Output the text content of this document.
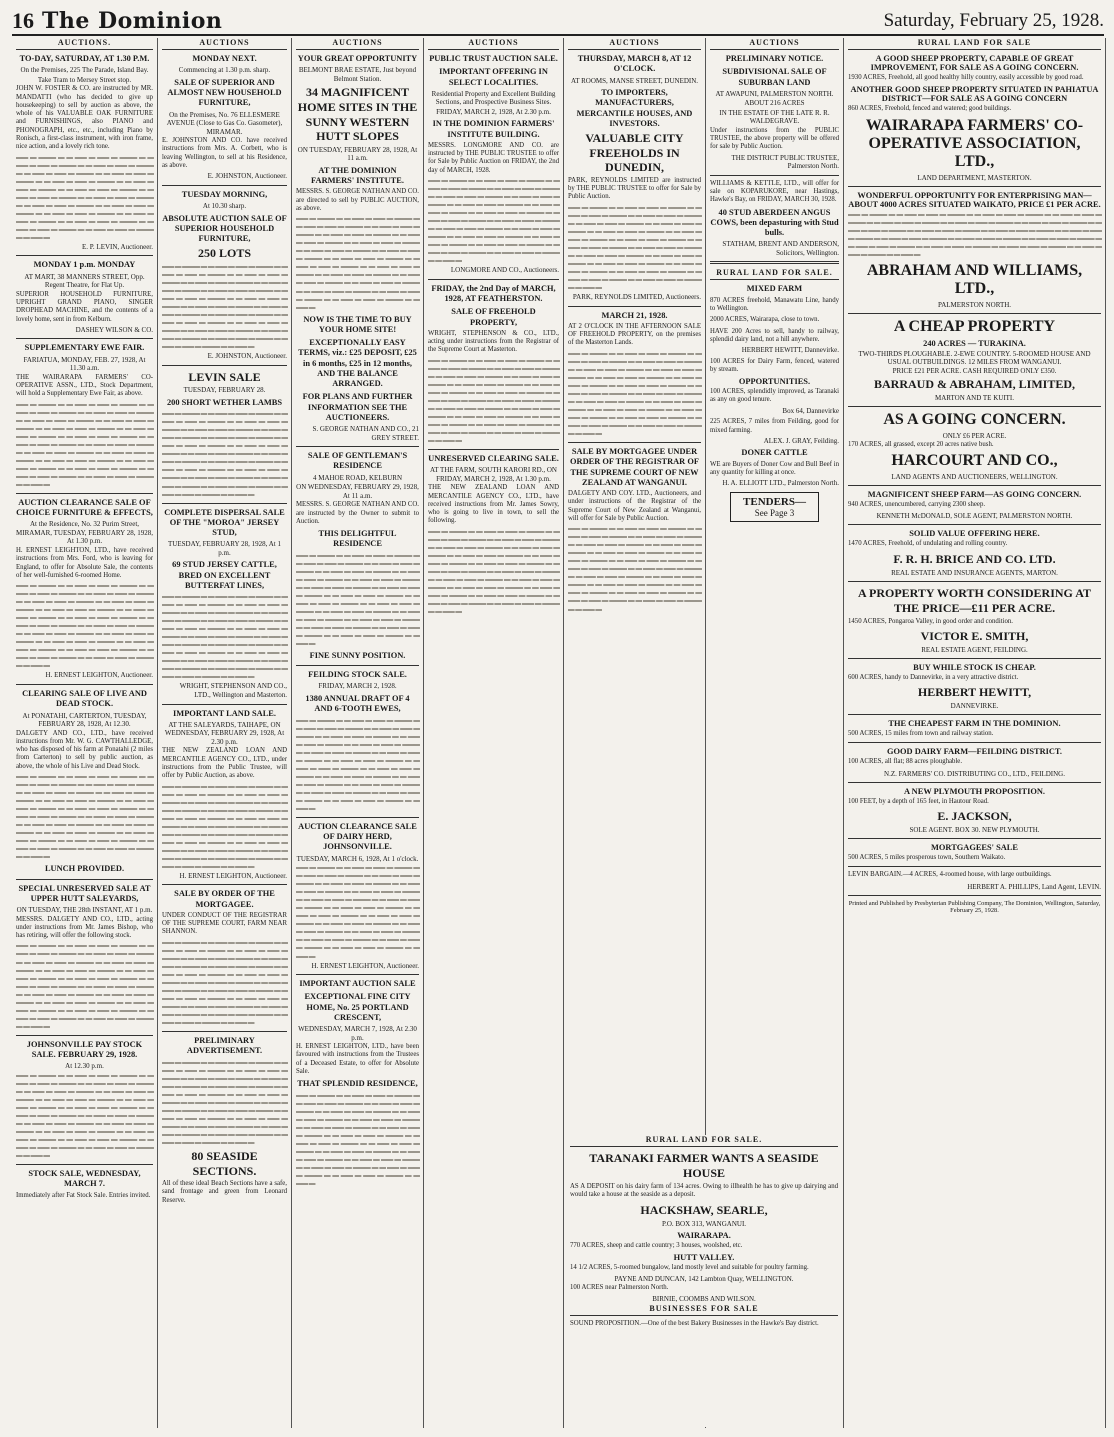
16 The Dominion	Saturday, February 25, 1928.
AUCTIONS.
TO-DAY, SATURDAY, AT 1.30 P.M.
On the Premises, 225 The Parade, Island Bay.
Take Tram to Mersey Street stop.

JOHN W. FOSTER & CO. are instructed by MR. MANDATTI (who has decided to give up housekeeping) to sell by auction as above, the whole of his VALUABLE OAK FURNITURE and FURNISHINGS, also PIANO and PHONOGRAPH, etc., etc., including Piano by Ronisch, a first-class instrument, with iron frame, nice action, and a lovely rich tone.

▬▬ ▬ ▬▬▬ ▬ ▬ ▬▬ ▬ ▬▬ ▬ ▬▬▬ ▬ ▬ ▬▬ ▬ ▬▬ ▬ ▬▬▬ ▬ ▬ ▬▬ ▬ ▬▬ ▬ ▬▬▬ ▬ ▬ ▬▬ ▬ ▬▬ ▬ ▬▬▬ ▬ ▬ ▬▬ ▬ ▬▬ ▬ ▬▬▬ ▬ ▬ ▬▬ ▬ ▬▬ ▬ ▬▬▬ ▬ ▬ ▬▬ ▬ ▬▬ ▬ ▬▬▬ ▬ ▬ ▬▬ ▬ ▬▬ ▬ ▬▬▬ ▬ ▬ ▬▬ ▬ ▬▬ ▬ ▬▬▬ ▬ ▬ ▬▬ ▬ ▬▬ ▬ ▬▬▬ ▬ ▬ ▬▬ ▬ ▬▬ ▬ ▬▬▬ ▬ ▬ ▬▬ ▬ ▬▬ ▬ ▬▬▬ ▬ ▬ ▬▬ ▬ ▬▬ ▬ ▬▬▬ ▬ ▬ ▬▬ ▬ ▬▬ ▬ ▬▬▬ ▬ ▬ ▬▬ ▬ ▬▬ ▬ ▬▬▬ ▬ ▬ ▬▬ ▬ ▬▬ ▬ ▬▬▬ ▬ ▬ ▬▬ ▬ ▬▬ ▬ ▬▬▬ ▬ ▬ ▬▬ ▬
E. P. LEVIN, Auctioneer.
MONDAY 1 p.m. MONDAY
AT MART, 38 MANNERS STREET, Opp. Regent Theatre, for Flat Up.

SUPERIOR HOUSEHOLD FURNITURE, UPRIGHT GRAND PIANO, SINGER DROPHEAD MACHINE, and the contents of a lovely home, sent in from Kelburn.

DASHEY WILSON & CO.
SUPPLEMENTARY EWE FAIR.
FARIATUA, MONDAY, FEB. 27, 1928, At 11.30 a.m.

THE WAIRARAPA FARMERS' CO-OPERATIVE ASSN., LTD., Stock Department, will hold a Supplementary Ewe Fair, as above.

▬▬ ▬ ▬▬▬ ▬ ▬ ▬▬ ▬ ▬▬ ▬ ▬▬▬ ▬ ▬ ▬▬ ▬ ▬▬ ▬ ▬▬▬ ▬ ▬ ▬▬ ▬ ▬▬ ▬ ▬▬▬ ▬ ▬ ▬▬ ▬ ▬▬ ▬ ▬▬▬ ▬ ▬ ▬▬ ▬ ▬▬ ▬ ▬▬▬ ▬ ▬ ▬▬ ▬ ▬▬ ▬ ▬▬▬ ▬ ▬ ▬▬ ▬ ▬▬ ▬ ▬▬▬ ▬ ▬ ▬▬ ▬ ▬▬ ▬ ▬▬▬ ▬ ▬ ▬▬ ▬ ▬▬ ▬ ▬▬▬ ▬ ▬ ▬▬ ▬ ▬▬ ▬ ▬▬▬ ▬ ▬ ▬▬ ▬ ▬▬ ▬ ▬▬▬ ▬ ▬ ▬▬ ▬ ▬▬ ▬ ▬▬▬ ▬ ▬ ▬▬ ▬ ▬▬ ▬ ▬▬▬ ▬ ▬ ▬▬ ▬ ▬▬ ▬ ▬▬▬ ▬ ▬ ▬▬ ▬ ▬▬ ▬ ▬▬▬ ▬ ▬ ▬▬ ▬ ▬▬ ▬ ▬▬▬ ▬ ▬ ▬▬ ▬ ▬▬ ▬ ▬▬▬ ▬ ▬ ▬▬ ▬
AUCTION CLEARANCE SALE OF CHOICE FURNITURE & EFFECTS,
At the Residence, No. 32 Purim Street, MIRAMAR, TUESDAY, FEBRUARY 28, 1928, At 1.30 p.m.

H. ERNEST LEIGHTON, LTD., have received instructions from Mrs. Ford, who is leaving for England, to offer for Absolute Sale, the contents of her well-furnished 6-roomed Home.

▬▬ ▬ ▬▬▬ ▬ ▬ ▬▬ ▬ ▬▬ ▬ ▬▬▬ ▬ ▬ ▬▬ ▬ ▬▬ ▬ ▬▬▬ ▬ ▬ ▬▬ ▬ ▬▬ ▬ ▬▬▬ ▬ ▬ ▬▬ ▬ ▬▬ ▬ ▬▬▬ ▬ ▬ ▬▬ ▬ ▬▬ ▬ ▬▬▬ ▬ ▬ ▬▬ ▬ ▬▬ ▬ ▬▬▬ ▬ ▬ ▬▬ ▬ ▬▬ ▬ ▬▬▬ ▬ ▬ ▬▬ ▬ ▬▬ ▬ ▬▬▬ ▬ ▬ ▬▬ ▬ ▬▬ ▬ ▬▬▬ ▬ ▬ ▬▬ ▬ ▬▬ ▬ ▬▬▬ ▬ ▬ ▬▬ ▬ ▬▬ ▬ ▬▬▬ ▬ ▬ ▬▬ ▬ ▬▬ ▬ ▬▬▬ ▬ ▬ ▬▬ ▬ ▬▬ ▬ ▬▬▬ ▬ ▬ ▬▬ ▬ ▬▬ ▬ ▬▬▬ ▬ ▬ ▬▬ ▬ ▬▬ ▬ ▬▬▬ ▬ ▬ ▬▬ ▬ ▬▬ ▬ ▬▬▬ ▬ ▬ ▬▬ ▬ ▬▬ ▬ ▬▬▬ ▬ ▬ ▬▬ ▬
H. ERNEST LEIGHTON, Auctioneer.
CLEARING SALE OF LIVE AND DEAD STOCK.
At PONATAHI, CARTERTON, TUESDAY, FEBRUARY 28, 1928, At 12.30.

DALGETY AND CO., LTD., have received instructions from Mr. W. G. CAWTHALLEDGE, who has disposed of his farm at Ponatahi (2 miles from Carterton) to sell by public auction, as above, the whole of his Live and Dead Stock.

▬▬ ▬ ▬▬▬ ▬ ▬ ▬▬ ▬ ▬▬ ▬ ▬▬▬ ▬ ▬ ▬▬ ▬ ▬▬ ▬ ▬▬▬ ▬ ▬ ▬▬ ▬ ▬▬ ▬ ▬▬▬ ▬ ▬ ▬▬ ▬ ▬▬ ▬ ▬▬▬ ▬ ▬ ▬▬ ▬ ▬▬ ▬ ▬▬▬ ▬ ▬ ▬▬ ▬ ▬▬ ▬ ▬▬▬ ▬ ▬ ▬▬ ▬ ▬▬ ▬ ▬▬▬ ▬ ▬ ▬▬ ▬ ▬▬ ▬ ▬▬▬ ▬ ▬ ▬▬ ▬ ▬▬ ▬ ▬▬▬ ▬ ▬ ▬▬ ▬ ▬▬ ▬ ▬▬▬ ▬ ▬ ▬▬ ▬ ▬▬ ▬ ▬▬▬ ▬ ▬ ▬▬ ▬ ▬▬ ▬ ▬▬▬ ▬ ▬ ▬▬ ▬ ▬▬ ▬ ▬▬▬ ▬ ▬ ▬▬ ▬ ▬▬ ▬ ▬▬▬ ▬ ▬ ▬▬ ▬ ▬▬ ▬ ▬▬▬ ▬ ▬ ▬▬ ▬ ▬▬ ▬ ▬▬▬ ▬ ▬ ▬▬ ▬ ▬▬ ▬ ▬▬▬ ▬ ▬ ▬▬ ▬
LUNCH PROVIDED.
SPECIAL UNRESERVED SALE AT UPPER HUTT SALEYARDS,
ON TUESDAY, THE 28th INSTANT, AT 1 p.m.

MESSRS. DALGETY AND CO., LTD., acting under instructions from Mr. James Bishop, who has retiring, will offer the following stock.

▬▬ ▬ ▬▬▬ ▬ ▬ ▬▬ ▬ ▬▬ ▬ ▬▬▬ ▬ ▬ ▬▬ ▬ ▬▬ ▬ ▬▬▬ ▬ ▬ ▬▬ ▬ ▬▬ ▬ ▬▬▬ ▬ ▬ ▬▬ ▬ ▬▬ ▬ ▬▬▬ ▬ ▬ ▬▬ ▬ ▬▬ ▬ ▬▬▬ ▬ ▬ ▬▬ ▬ ▬▬ ▬ ▬▬▬ ▬ ▬ ▬▬ ▬ ▬▬ ▬ ▬▬▬ ▬ ▬ ▬▬ ▬ ▬▬ ▬ ▬▬▬ ▬ ▬ ▬▬ ▬ ▬▬ ▬ ▬▬▬ ▬ ▬ ▬▬ ▬ ▬▬ ▬ ▬▬▬ ▬ ▬ ▬▬ ▬ ▬▬ ▬ ▬▬▬ ▬ ▬ ▬▬ ▬ ▬▬ ▬ ▬▬▬ ▬ ▬ ▬▬ ▬ ▬▬ ▬ ▬▬▬ ▬ ▬ ▬▬ ▬ ▬▬ ▬ ▬▬▬ ▬ ▬ ▬▬ ▬ ▬▬ ▬ ▬▬▬ ▬ ▬ ▬▬ ▬ ▬▬ ▬ ▬▬▬ ▬ ▬ ▬▬ ▬ ▬▬ ▬ ▬▬▬ ▬ ▬ ▬▬ ▬
JOHNSONVILLE PAY STOCK SALE. FEBRUARY 29, 1928.
At 12.30 p.m.
▬▬ ▬ ▬▬▬ ▬ ▬ ▬▬ ▬ ▬▬ ▬ ▬▬▬ ▬ ▬ ▬▬ ▬ ▬▬ ▬ ▬▬▬ ▬ ▬ ▬▬ ▬ ▬▬ ▬ ▬▬▬ ▬ ▬ ▬▬ ▬ ▬▬ ▬ ▬▬▬ ▬ ▬ ▬▬ ▬ ▬▬ ▬ ▬▬▬ ▬ ▬ ▬▬ ▬ ▬▬ ▬ ▬▬▬ ▬ ▬ ▬▬ ▬ ▬▬ ▬ ▬▬▬ ▬ ▬ ▬▬ ▬ ▬▬ ▬ ▬▬▬ ▬ ▬ ▬▬ ▬ ▬▬ ▬ ▬▬▬ ▬ ▬ ▬▬ ▬ ▬▬ ▬ ▬▬▬ ▬ ▬ ▬▬ ▬ ▬▬ ▬ ▬▬▬ ▬ ▬ ▬▬ ▬ ▬▬ ▬ ▬▬▬ ▬ ▬ ▬▬ ▬ ▬▬ ▬ ▬▬▬ ▬ ▬ ▬▬ ▬ ▬▬ ▬ ▬▬▬ ▬ ▬ ▬▬ ▬ ▬▬ ▬ ▬▬▬ ▬ ▬ ▬▬ ▬ ▬▬ ▬ ▬▬▬ ▬ ▬ ▬▬ ▬ ▬▬ ▬ ▬▬▬ ▬ ▬ ▬▬ ▬
STOCK SALE, WEDNESDAY, MARCH 7.

Immediately after Fat Stock Sale. Entries invited.

AUCTIONS
MONDAY NEXT.
Commencing at 1.30 p.m. sharp.
SALE OF SUPERIOR AND ALMOST NEW HOUSEHOLD FURNITURE,
On the Premises, No. 76 ELLESMERE AVENUE (Close to Gas Co. Gasometer), MIRAMAR.

E. JOHNSTON AND CO. have received instructions from Mrs. A. Corbett, who is leaving Wellington, to sell at his Residence, as above.

E. JOHNSTON, Auctioneer.
TUESDAY MORNING,
At 10.30 sharp.
ABSOLUTE AUCTION SALE OF SUPERIOR HOUSEHOLD FURNITURE,
250 LOTS
▬▬ ▬ ▬▬▬ ▬ ▬ ▬▬ ▬ ▬▬ ▬ ▬▬▬ ▬ ▬ ▬▬ ▬ ▬▬ ▬ ▬▬▬ ▬ ▬ ▬▬ ▬ ▬▬ ▬ ▬▬▬ ▬ ▬ ▬▬ ▬ ▬▬ ▬ ▬▬▬ ▬ ▬ ▬▬ ▬ ▬▬ ▬ ▬▬▬ ▬ ▬ ▬▬ ▬ ▬▬ ▬ ▬▬▬ ▬ ▬ ▬▬ ▬ ▬▬ ▬ ▬▬▬ ▬ ▬ ▬▬ ▬ ▬▬ ▬ ▬▬▬ ▬ ▬ ▬▬ ▬ ▬▬ ▬ ▬▬▬ ▬ ▬ ▬▬ ▬ ▬▬ ▬ ▬▬▬ ▬ ▬ ▬▬ ▬ ▬▬ ▬ ▬▬▬ ▬ ▬ ▬▬ ▬ ▬▬ ▬ ▬▬▬ ▬ ▬ ▬▬ ▬ ▬▬ ▬ ▬▬▬ ▬ ▬ ▬▬ ▬ ▬▬ ▬ ▬▬▬ ▬ ▬ ▬▬ ▬ ▬▬ ▬ ▬▬▬ ▬ ▬ ▬▬ ▬ ▬▬ ▬ ▬▬▬ ▬ ▬ ▬▬ ▬ ▬▬ ▬ ▬▬▬ ▬ ▬ ▬▬ ▬
E. JOHNSTON, Auctioneer.
LEVIN SALE
TUESDAY, FEBRUARY 28.
200 SHORT WETHER LAMBS
▬▬ ▬ ▬▬▬ ▬ ▬ ▬▬ ▬ ▬▬ ▬ ▬▬▬ ▬ ▬ ▬▬ ▬ ▬▬ ▬ ▬▬▬ ▬ ▬ ▬▬ ▬ ▬▬ ▬ ▬▬▬ ▬ ▬ ▬▬ ▬ ▬▬ ▬ ▬▬▬ ▬ ▬ ▬▬ ▬ ▬▬ ▬ ▬▬▬ ▬ ▬ ▬▬ ▬ ▬▬ ▬ ▬▬▬ ▬ ▬ ▬▬ ▬ ▬▬ ▬ ▬▬▬ ▬ ▬ ▬▬ ▬ ▬▬ ▬ ▬▬▬ ▬ ▬ ▬▬ ▬ ▬▬ ▬ ▬▬▬ ▬ ▬ ▬▬ ▬ ▬▬ ▬ ▬▬▬ ▬ ▬ ▬▬ ▬ ▬▬ ▬ ▬▬▬ ▬ ▬ ▬▬ ▬ ▬▬ ▬ ▬▬▬ ▬ ▬ ▬▬ ▬ ▬▬ ▬ ▬▬▬ ▬ ▬ ▬▬ ▬ ▬▬ ▬ ▬▬▬ ▬ ▬ ▬▬ ▬ ▬▬ ▬ ▬▬▬ ▬ ▬ ▬▬ ▬ ▬▬ ▬ ▬▬▬ ▬ ▬ ▬▬ ▬ ▬▬ ▬ ▬▬▬ ▬ ▬ ▬▬ ▬
COMPLETE DISPERSAL SALE OF THE "MOROA" JERSEY STUD,
TUESDAY, FEBRUARY 28, 1928, At 1 p.m.
69 STUD JERSEY CATTLE, BRED ON EXCELLENT BUTTERFAT LINES,
▬▬ ▬ ▬▬▬ ▬ ▬ ▬▬ ▬ ▬▬ ▬ ▬▬▬ ▬ ▬ ▬▬ ▬ ▬▬ ▬ ▬▬▬ ▬ ▬ ▬▬ ▬ ▬▬ ▬ ▬▬▬ ▬ ▬ ▬▬ ▬ ▬▬ ▬ ▬▬▬ ▬ ▬ ▬▬ ▬ ▬▬ ▬ ▬▬▬ ▬ ▬ ▬▬ ▬ ▬▬ ▬ ▬▬▬ ▬ ▬ ▬▬ ▬ ▬▬ ▬ ▬▬▬ ▬ ▬ ▬▬ ▬ ▬▬ ▬ ▬▬▬ ▬ ▬ ▬▬ ▬ ▬▬ ▬ ▬▬▬ ▬ ▬ ▬▬ ▬ ▬▬ ▬ ▬▬▬ ▬ ▬ ▬▬ ▬ ▬▬ ▬ ▬▬▬ ▬ ▬ ▬▬ ▬ ▬▬ ▬ ▬▬▬ ▬ ▬ ▬▬ ▬ ▬▬ ▬ ▬▬▬ ▬ ▬ ▬▬ ▬ ▬▬ ▬ ▬▬▬ ▬ ▬ ▬▬ ▬ ▬▬ ▬ ▬▬▬ ▬ ▬ ▬▬ ▬ ▬▬ ▬ ▬▬▬ ▬ ▬ ▬▬ ▬ ▬▬ ▬ ▬▬▬ ▬ ▬ ▬▬ ▬
WRIGHT, STEPHENSON AND CO., LTD., Wellington and Masterton.
IMPORTANT LAND SALE.
AT THE SALEYARDS, TAIHAPE, ON WEDNESDAY, FEBRUARY 29, 1928, At 2.30 p.m.

THE NEW ZEALAND LOAN AND MERCANTILE AGENCY CO., LTD., under instructions from the Public Trustee, will offer by Public Auction, as above.

▬▬ ▬ ▬▬▬ ▬ ▬ ▬▬ ▬ ▬▬ ▬ ▬▬▬ ▬ ▬ ▬▬ ▬ ▬▬ ▬ ▬▬▬ ▬ ▬ ▬▬ ▬ ▬▬ ▬ ▬▬▬ ▬ ▬ ▬▬ ▬ ▬▬ ▬ ▬▬▬ ▬ ▬ ▬▬ ▬ ▬▬ ▬ ▬▬▬ ▬ ▬ ▬▬ ▬ ▬▬ ▬ ▬▬▬ ▬ ▬ ▬▬ ▬ ▬▬ ▬ ▬▬▬ ▬ ▬ ▬▬ ▬ ▬▬ ▬ ▬▬▬ ▬ ▬ ▬▬ ▬ ▬▬ ▬ ▬▬▬ ▬ ▬ ▬▬ ▬ ▬▬ ▬ ▬▬▬ ▬ ▬ ▬▬ ▬ ▬▬ ▬ ▬▬▬ ▬ ▬ ▬▬ ▬ ▬▬ ▬ ▬▬▬ ▬ ▬ ▬▬ ▬ ▬▬ ▬ ▬▬▬ ▬ ▬ ▬▬ ▬ ▬▬ ▬ ▬▬▬ ▬ ▬ ▬▬ ▬ ▬▬ ▬ ▬▬▬ ▬ ▬ ▬▬ ▬ ▬▬ ▬ ▬▬▬ ▬ ▬ ▬▬ ▬ ▬▬ ▬ ▬▬▬ ▬ ▬ ▬▬ ▬
H. ERNEST LEIGHTON, Auctioneer.
SALE BY ORDER OF THE MORTGAGEE.

UNDER CONDUCT OF THE REGISTRAR OF THE SUPREME COURT, FARM NEAR SHANNON.

▬▬ ▬ ▬▬▬ ▬ ▬ ▬▬ ▬ ▬▬ ▬ ▬▬▬ ▬ ▬ ▬▬ ▬ ▬▬ ▬ ▬▬▬ ▬ ▬ ▬▬ ▬ ▬▬ ▬ ▬▬▬ ▬ ▬ ▬▬ ▬ ▬▬ ▬ ▬▬▬ ▬ ▬ ▬▬ ▬ ▬▬ ▬ ▬▬▬ ▬ ▬ ▬▬ ▬ ▬▬ ▬ ▬▬▬ ▬ ▬ ▬▬ ▬ ▬▬ ▬ ▬▬▬ ▬ ▬ ▬▬ ▬ ▬▬ ▬ ▬▬▬ ▬ ▬ ▬▬ ▬ ▬▬ ▬ ▬▬▬ ▬ ▬ ▬▬ ▬ ▬▬ ▬ ▬▬▬ ▬ ▬ ▬▬ ▬ ▬▬ ▬ ▬▬▬ ▬ ▬ ▬▬ ▬ ▬▬ ▬ ▬▬▬ ▬ ▬ ▬▬ ▬ ▬▬ ▬ ▬▬▬ ▬ ▬ ▬▬ ▬ ▬▬ ▬ ▬▬▬ ▬ ▬ ▬▬ ▬ ▬▬ ▬ ▬▬▬ ▬ ▬ ▬▬ ▬ ▬▬ ▬ ▬▬▬ ▬ ▬ ▬▬ ▬ ▬▬ ▬ ▬▬▬ ▬ ▬ ▬▬ ▬
PRELIMINARY ADVERTISEMENT.
▬▬ ▬ ▬▬▬ ▬ ▬ ▬▬ ▬ ▬▬ ▬ ▬▬▬ ▬ ▬ ▬▬ ▬ ▬▬ ▬ ▬▬▬ ▬ ▬ ▬▬ ▬ ▬▬ ▬ ▬▬▬ ▬ ▬ ▬▬ ▬ ▬▬ ▬ ▬▬▬ ▬ ▬ ▬▬ ▬ ▬▬ ▬ ▬▬▬ ▬ ▬ ▬▬ ▬ ▬▬ ▬ ▬▬▬ ▬ ▬ ▬▬ ▬ ▬▬ ▬ ▬▬▬ ▬ ▬ ▬▬ ▬ ▬▬ ▬ ▬▬▬ ▬ ▬ ▬▬ ▬ ▬▬ ▬ ▬▬▬ ▬ ▬ ▬▬ ▬ ▬▬ ▬ ▬▬▬ ▬ ▬ ▬▬ ▬ ▬▬ ▬ ▬▬▬ ▬ ▬ ▬▬ ▬ ▬▬ ▬ ▬▬▬ ▬ ▬ ▬▬ ▬ ▬▬ ▬ ▬▬▬ ▬ ▬ ▬▬ ▬ ▬▬ ▬ ▬▬▬ ▬ ▬ ▬▬ ▬ ▬▬ ▬ ▬▬▬ ▬ ▬ ▬▬ ▬ ▬▬ ▬ ▬▬▬ ▬ ▬ ▬▬ ▬ ▬▬ ▬ ▬▬▬ ▬ ▬ ▬▬ ▬
80 SEASIDE SECTIONS.

All of these ideal Beach Sections have a safe, sand frontage and green from Leonard Reserve.

AUCTIONS
YOUR GREAT OPPORTUNITY
BELMONT BRAE ESTATE, Just beyond Belmont Station.
34 MAGNIFICENT HOME SITES IN THE SUNNY WESTERN HUTT SLOPES
ON TUESDAY, FEBRUARY 28, 1928, At 11 a.m.
AT THE DOMINION FARMERS' INSTITUTE.

MESSRS. S. GEORGE NATHAN AND CO. are directed to sell by PUBLIC AUCTION, as above.

▬▬ ▬ ▬▬▬ ▬ ▬ ▬▬ ▬ ▬▬ ▬ ▬▬▬ ▬ ▬ ▬▬ ▬ ▬▬ ▬ ▬▬▬ ▬ ▬ ▬▬ ▬ ▬▬ ▬ ▬▬▬ ▬ ▬ ▬▬ ▬ ▬▬ ▬ ▬▬▬ ▬ ▬ ▬▬ ▬ ▬▬ ▬ ▬▬▬ ▬ ▬ ▬▬ ▬ ▬▬ ▬ ▬▬▬ ▬ ▬ ▬▬ ▬ ▬▬ ▬ ▬▬▬ ▬ ▬ ▬▬ ▬ ▬▬ ▬ ▬▬▬ ▬ ▬ ▬▬ ▬ ▬▬ ▬ ▬▬▬ ▬ ▬ ▬▬ ▬ ▬▬ ▬ ▬▬▬ ▬ ▬ ▬▬ ▬ ▬▬ ▬ ▬▬▬ ▬ ▬ ▬▬ ▬ ▬▬ ▬ ▬▬▬ ▬ ▬ ▬▬ ▬ ▬▬ ▬ ▬▬▬ ▬ ▬ ▬▬ ▬ ▬▬ ▬ ▬▬▬ ▬ ▬ ▬▬ ▬ ▬▬ ▬ ▬▬▬ ▬ ▬ ▬▬ ▬ ▬▬ ▬ ▬▬▬ ▬ ▬ ▬▬ ▬ ▬▬ ▬ ▬▬▬ ▬ ▬ ▬▬ ▬
NOW IS THE TIME TO BUY YOUR HOME SITE!
EXCEPTIONALLY EASY TERMS, viz.: £25 DEPOSIT, £25 in 6 months, £25 in 12 months, AND THE BALANCE ARRANGED.
FOR PLANS AND FURTHER INFORMATION SEE THE AUCTIONEERS.
S. GEORGE NATHAN AND CO., 21 GREY STREET.
SALE OF GENTLEMAN'S RESIDENCE
4 MAHOE ROAD, KELBURN
ON WEDNESDAY, FEBRUARY 29, 1928, At 11 a.m.

MESSRS. S. GEORGE NATHAN AND CO. are instructed by the Owner to submit to Auction.

THIS DELIGHTFUL RESIDENCE
▬▬ ▬ ▬▬▬ ▬ ▬ ▬▬ ▬ ▬▬ ▬ ▬▬▬ ▬ ▬ ▬▬ ▬ ▬▬ ▬ ▬▬▬ ▬ ▬ ▬▬ ▬ ▬▬ ▬ ▬▬▬ ▬ ▬ ▬▬ ▬ ▬▬ ▬ ▬▬▬ ▬ ▬ ▬▬ ▬ ▬▬ ▬ ▬▬▬ ▬ ▬ ▬▬ ▬ ▬▬ ▬ ▬▬▬ ▬ ▬ ▬▬ ▬ ▬▬ ▬ ▬▬▬ ▬ ▬ ▬▬ ▬ ▬▬ ▬ ▬▬▬ ▬ ▬ ▬▬ ▬ ▬▬ ▬ ▬▬▬ ▬ ▬ ▬▬ ▬ ▬▬ ▬ ▬▬▬ ▬ ▬ ▬▬ ▬ ▬▬ ▬ ▬▬▬ ▬ ▬ ▬▬ ▬ ▬▬ ▬ ▬▬▬ ▬ ▬ ▬▬ ▬ ▬▬ ▬ ▬▬▬ ▬ ▬ ▬▬ ▬ ▬▬ ▬ ▬▬▬ ▬ ▬ ▬▬ ▬ ▬▬ ▬ ▬▬▬ ▬ ▬ ▬▬ ▬ ▬▬ ▬ ▬▬▬ ▬ ▬ ▬▬ ▬ ▬▬ ▬ ▬▬▬ ▬ ▬ ▬▬ ▬
FINE SUNNY POSITION.
FEILDING STOCK SALE.
FRIDAY, MARCH 2, 1928.
1380 ANNUAL DRAFT OF 4 AND 6-TOOTH EWES,
▬▬ ▬ ▬▬▬ ▬ ▬ ▬▬ ▬ ▬▬ ▬ ▬▬▬ ▬ ▬ ▬▬ ▬ ▬▬ ▬ ▬▬▬ ▬ ▬ ▬▬ ▬ ▬▬ ▬ ▬▬▬ ▬ ▬ ▬▬ ▬ ▬▬ ▬ ▬▬▬ ▬ ▬ ▬▬ ▬ ▬▬ ▬ ▬▬▬ ▬ ▬ ▬▬ ▬ ▬▬ ▬ ▬▬▬ ▬ ▬ ▬▬ ▬ ▬▬ ▬ ▬▬▬ ▬ ▬ ▬▬ ▬ ▬▬ ▬ ▬▬▬ ▬ ▬ ▬▬ ▬ ▬▬ ▬ ▬▬▬ ▬ ▬ ▬▬ ▬ ▬▬ ▬ ▬▬▬ ▬ ▬ ▬▬ ▬ ▬▬ ▬ ▬▬▬ ▬ ▬ ▬▬ ▬ ▬▬ ▬ ▬▬▬ ▬ ▬ ▬▬ ▬ ▬▬ ▬ ▬▬▬ ▬ ▬ ▬▬ ▬ ▬▬ ▬ ▬▬▬ ▬ ▬ ▬▬ ▬ ▬▬ ▬ ▬▬▬ ▬ ▬ ▬▬ ▬ ▬▬ ▬ ▬▬▬ ▬ ▬ ▬▬ ▬ ▬▬ ▬ ▬▬▬ ▬ ▬ ▬▬ ▬
AUCTION CLEARANCE SALE OF DAIRY HERD, JOHNSONVILLE.
TUESDAY, MARCH 6, 1928, At 1 o'clock.
▬▬ ▬ ▬▬▬ ▬ ▬ ▬▬ ▬ ▬▬ ▬ ▬▬▬ ▬ ▬ ▬▬ ▬ ▬▬ ▬ ▬▬▬ ▬ ▬ ▬▬ ▬ ▬▬ ▬ ▬▬▬ ▬ ▬ ▬▬ ▬ ▬▬ ▬ ▬▬▬ ▬ ▬ ▬▬ ▬ ▬▬ ▬ ▬▬▬ ▬ ▬ ▬▬ ▬ ▬▬ ▬ ▬▬▬ ▬ ▬ ▬▬ ▬ ▬▬ ▬ ▬▬▬ ▬ ▬ ▬▬ ▬ ▬▬ ▬ ▬▬▬ ▬ ▬ ▬▬ ▬ ▬▬ ▬ ▬▬▬ ▬ ▬ ▬▬ ▬ ▬▬ ▬ ▬▬▬ ▬ ▬ ▬▬ ▬ ▬▬ ▬ ▬▬▬ ▬ ▬ ▬▬ ▬ ▬▬ ▬ ▬▬▬ ▬ ▬ ▬▬ ▬ ▬▬ ▬ ▬▬▬ ▬ ▬ ▬▬ ▬ ▬▬ ▬ ▬▬▬ ▬ ▬ ▬▬ ▬ ▬▬ ▬ ▬▬▬ ▬ ▬ ▬▬ ▬ ▬▬ ▬ ▬▬▬ ▬ ▬ ▬▬ ▬ ▬▬ ▬ ▬▬▬ ▬ ▬ ▬▬ ▬
H. ERNEST LEIGHTON, Auctioneer.
IMPORTANT AUCTION SALE
EXCEPTIONAL FINE CITY HOME, No. 25 PORTLAND CRESCENT,
WEDNESDAY, MARCH 7, 1928, At 2.30 p.m.

H. ERNEST LEIGHTON, LTD., have been favoured with instructions from the Trustees of a Deceased Estate, to offer for Absolute Sale.

THAT SPLENDID RESIDENCE,
▬▬ ▬ ▬▬▬ ▬ ▬ ▬▬ ▬ ▬▬ ▬ ▬▬▬ ▬ ▬ ▬▬ ▬ ▬▬ ▬ ▬▬▬ ▬ ▬ ▬▬ ▬ ▬▬ ▬ ▬▬▬ ▬ ▬ ▬▬ ▬ ▬▬ ▬ ▬▬▬ ▬ ▬ ▬▬ ▬ ▬▬ ▬ ▬▬▬ ▬ ▬ ▬▬ ▬ ▬▬ ▬ ▬▬▬ ▬ ▬ ▬▬ ▬ ▬▬ ▬ ▬▬▬ ▬ ▬ ▬▬ ▬ ▬▬ ▬ ▬▬▬ ▬ ▬ ▬▬ ▬ ▬▬ ▬ ▬▬▬ ▬ ▬ ▬▬ ▬ ▬▬ ▬ ▬▬▬ ▬ ▬ ▬▬ ▬ ▬▬ ▬ ▬▬▬ ▬ ▬ ▬▬ ▬ ▬▬ ▬ ▬▬▬ ▬ ▬ ▬▬ ▬ ▬▬ ▬ ▬▬▬ ▬ ▬ ▬▬ ▬ ▬▬ ▬ ▬▬▬ ▬ ▬ ▬▬ ▬ ▬▬ ▬ ▬▬▬ ▬ ▬ ▬▬ ▬ ▬▬ ▬ ▬▬▬ ▬ ▬ ▬▬ ▬ ▬▬ ▬ ▬▬▬ ▬ ▬ ▬▬ ▬
AUCTIONS
PUBLIC TRUST AUCTION SALE.
IMPORTANT OFFERING IN SELECT LOCALITIES.
Residential Property and Excellent Building Sections, and Prospective Business Sites.
FRIDAY, MARCH 2, 1928, At 2.30 p.m.
IN THE DOMINION FARMERS' INSTITUTE BUILDING.

MESSRS. LONGMORE AND CO. are instructed by THE PUBLIC TRUSTEE to offer for Sale by Public Auction on FRIDAY, the 2nd day of MARCH, 1928.

▬▬ ▬ ▬▬▬ ▬ ▬ ▬▬ ▬ ▬▬ ▬ ▬▬▬ ▬ ▬ ▬▬ ▬ ▬▬ ▬ ▬▬▬ ▬ ▬ ▬▬ ▬ ▬▬ ▬ ▬▬▬ ▬ ▬ ▬▬ ▬ ▬▬ ▬ ▬▬▬ ▬ ▬ ▬▬ ▬ ▬▬ ▬ ▬▬▬ ▬ ▬ ▬▬ ▬ ▬▬ ▬ ▬▬▬ ▬ ▬ ▬▬ ▬ ▬▬ ▬ ▬▬▬ ▬ ▬ ▬▬ ▬ ▬▬ ▬ ▬▬▬ ▬ ▬ ▬▬ ▬ ▬▬ ▬ ▬▬▬ ▬ ▬ ▬▬ ▬ ▬▬ ▬ ▬▬▬ ▬ ▬ ▬▬ ▬ ▬▬ ▬ ▬▬▬ ▬ ▬ ▬▬ ▬ ▬▬ ▬ ▬▬▬ ▬ ▬ ▬▬ ▬ ▬▬ ▬ ▬▬▬ ▬ ▬ ▬▬ ▬ ▬▬ ▬ ▬▬▬ ▬ ▬ ▬▬ ▬ ▬▬ ▬ ▬▬▬ ▬ ▬ ▬▬ ▬ ▬▬ ▬ ▬▬▬ ▬ ▬ ▬▬ ▬ ▬▬ ▬ ▬▬▬ ▬ ▬ ▬▬ ▬
LONGMORE AND CO., Auctioneers.
FRIDAY, the 2nd Day of MARCH, 1928, AT FEATHERSTON.
SALE OF FREEHOLD PROPERTY,

WRIGHT, STEPHENSON & CO., LTD., acting under instructions from the Registrar of the Supreme Court at Masterton.

▬▬ ▬ ▬▬▬ ▬ ▬ ▬▬ ▬ ▬▬ ▬ ▬▬▬ ▬ ▬ ▬▬ ▬ ▬▬ ▬ ▬▬▬ ▬ ▬ ▬▬ ▬ ▬▬ ▬ ▬▬▬ ▬ ▬ ▬▬ ▬ ▬▬ ▬ ▬▬▬ ▬ ▬ ▬▬ ▬ ▬▬ ▬ ▬▬▬ ▬ ▬ ▬▬ ▬ ▬▬ ▬ ▬▬▬ ▬ ▬ ▬▬ ▬ ▬▬ ▬ ▬▬▬ ▬ ▬ ▬▬ ▬ ▬▬ ▬ ▬▬▬ ▬ ▬ ▬▬ ▬ ▬▬ ▬ ▬▬▬ ▬ ▬ ▬▬ ▬ ▬▬ ▬ ▬▬▬ ▬ ▬ ▬▬ ▬ ▬▬ ▬ ▬▬▬ ▬ ▬ ▬▬ ▬ ▬▬ ▬ ▬▬▬ ▬ ▬ ▬▬ ▬ ▬▬ ▬ ▬▬▬ ▬ ▬ ▬▬ ▬ ▬▬ ▬ ▬▬▬ ▬ ▬ ▬▬ ▬ ▬▬ ▬ ▬▬▬ ▬ ▬ ▬▬ ▬ ▬▬ ▬ ▬▬▬ ▬ ▬ ▬▬ ▬ ▬▬ ▬ ▬▬▬ ▬ ▬ ▬▬ ▬
UNRESERVED CLEARING SALE.
AT THE FARM, SOUTH KARORI RD., ON FRIDAY, MARCH 2, 1928, At 1.30 p.m.

THE NEW ZEALAND LOAN AND MERCANTILE AGENCY CO., LTD., have received instructions from Mr. James Sowry, who is going to live in town, to sell the following.

▬▬ ▬ ▬▬▬ ▬ ▬ ▬▬ ▬ ▬▬ ▬ ▬▬▬ ▬ ▬ ▬▬ ▬ ▬▬ ▬ ▬▬▬ ▬ ▬ ▬▬ ▬ ▬▬ ▬ ▬▬▬ ▬ ▬ ▬▬ ▬ ▬▬ ▬ ▬▬▬ ▬ ▬ ▬▬ ▬ ▬▬ ▬ ▬▬▬ ▬ ▬ ▬▬ ▬ ▬▬ ▬ ▬▬▬ ▬ ▬ ▬▬ ▬ ▬▬ ▬ ▬▬▬ ▬ ▬ ▬▬ ▬ ▬▬ ▬ ▬▬▬ ▬ ▬ ▬▬ ▬ ▬▬ ▬ ▬▬▬ ▬ ▬ ▬▬ ▬ ▬▬ ▬ ▬▬▬ ▬ ▬ ▬▬ ▬ ▬▬ ▬ ▬▬▬ ▬ ▬ ▬▬ ▬ ▬▬ ▬ ▬▬▬ ▬ ▬ ▬▬ ▬ ▬▬ ▬ ▬▬▬ ▬ ▬ ▬▬ ▬ ▬▬ ▬ ▬▬▬ ▬ ▬ ▬▬ ▬ ▬▬ ▬ ▬▬▬ ▬ ▬ ▬▬ ▬ ▬▬ ▬ ▬▬▬ ▬ ▬ ▬▬ ▬ ▬▬ ▬ ▬▬▬ ▬ ▬ ▬▬ ▬
AUCTIONS
THURSDAY, MARCH 8, AT 12 O'CLOCK.
AT ROOMS, MANSE STREET, DUNEDIN.
TO IMPORTERS, MANUFACTURERS, MERCANTILE HOUSES, AND INVESTORS.
VALUABLE CITY FREEHOLDS IN DUNEDIN,

PARK, REYNOLDS LIMITED are instructed by THE PUBLIC TRUSTEE to offer for Sale by Public Auction.

▬▬ ▬ ▬▬▬ ▬ ▬ ▬▬ ▬ ▬▬ ▬ ▬▬▬ ▬ ▬ ▬▬ ▬ ▬▬ ▬ ▬▬▬ ▬ ▬ ▬▬ ▬ ▬▬ ▬ ▬▬▬ ▬ ▬ ▬▬ ▬ ▬▬ ▬ ▬▬▬ ▬ ▬ ▬▬ ▬ ▬▬ ▬ ▬▬▬ ▬ ▬ ▬▬ ▬ ▬▬ ▬ ▬▬▬ ▬ ▬ ▬▬ ▬ ▬▬ ▬ ▬▬▬ ▬ ▬ ▬▬ ▬ ▬▬ ▬ ▬▬▬ ▬ ▬ ▬▬ ▬ ▬▬ ▬ ▬▬▬ ▬ ▬ ▬▬ ▬ ▬▬ ▬ ▬▬▬ ▬ ▬ ▬▬ ▬ ▬▬ ▬ ▬▬▬ ▬ ▬ ▬▬ ▬ ▬▬ ▬ ▬▬▬ ▬ ▬ ▬▬ ▬ ▬▬ ▬ ▬▬▬ ▬ ▬ ▬▬ ▬ ▬▬ ▬ ▬▬▬ ▬ ▬ ▬▬ ▬ ▬▬ ▬ ▬▬▬ ▬ ▬ ▬▬ ▬ ▬▬ ▬ ▬▬▬ ▬ ▬ ▬▬ ▬ ▬▬ ▬ ▬▬▬ ▬ ▬ ▬▬ ▬
PARK, REYNOLDS LIMITED, Auctioneers.
MARCH 21, 1928.

AT 2 O'CLOCK IN THE AFTERNOON SALE OF FREEHOLD PROPERTY, on the premises of the Masterton Lands.

▬▬ ▬ ▬▬▬ ▬ ▬ ▬▬ ▬ ▬▬ ▬ ▬▬▬ ▬ ▬ ▬▬ ▬ ▬▬ ▬ ▬▬▬ ▬ ▬ ▬▬ ▬ ▬▬ ▬ ▬▬▬ ▬ ▬ ▬▬ ▬ ▬▬ ▬ ▬▬▬ ▬ ▬ ▬▬ ▬ ▬▬ ▬ ▬▬▬ ▬ ▬ ▬▬ ▬ ▬▬ ▬ ▬▬▬ ▬ ▬ ▬▬ ▬ ▬▬ ▬ ▬▬▬ ▬ ▬ ▬▬ ▬ ▬▬ ▬ ▬▬▬ ▬ ▬ ▬▬ ▬ ▬▬ ▬ ▬▬▬ ▬ ▬ ▬▬ ▬ ▬▬ ▬ ▬▬▬ ▬ ▬ ▬▬ ▬ ▬▬ ▬ ▬▬▬ ▬ ▬ ▬▬ ▬ ▬▬ ▬ ▬▬▬ ▬ ▬ ▬▬ ▬ ▬▬ ▬ ▬▬▬ ▬ ▬ ▬▬ ▬ ▬▬ ▬ ▬▬▬ ▬ ▬ ▬▬ ▬ ▬▬ ▬ ▬▬▬ ▬ ▬ ▬▬ ▬ ▬▬ ▬ ▬▬▬ ▬ ▬ ▬▬ ▬ ▬▬ ▬ ▬▬▬ ▬ ▬ ▬▬ ▬
SALE BY MORTGAGEE UNDER ORDER OF THE REGISTRAR OF THE SUPREME COURT OF NEW ZEALAND AT WANGANUI.

DALGETY AND COY. LTD., Auctioneers, and under instructions of the Registrar of the Supreme Court of New Zealand at Wanganui, will offer for Sale by Public Auction.

▬▬ ▬ ▬▬▬ ▬ ▬ ▬▬ ▬ ▬▬ ▬ ▬▬▬ ▬ ▬ ▬▬ ▬ ▬▬ ▬ ▬▬▬ ▬ ▬ ▬▬ ▬ ▬▬ ▬ ▬▬▬ ▬ ▬ ▬▬ ▬ ▬▬ ▬ ▬▬▬ ▬ ▬ ▬▬ ▬ ▬▬ ▬ ▬▬▬ ▬ ▬ ▬▬ ▬ ▬▬ ▬ ▬▬▬ ▬ ▬ ▬▬ ▬ ▬▬ ▬ ▬▬▬ ▬ ▬ ▬▬ ▬ ▬▬ ▬ ▬▬▬ ▬ ▬ ▬▬ ▬ ▬▬ ▬ ▬▬▬ ▬ ▬ ▬▬ ▬ ▬▬ ▬ ▬▬▬ ▬ ▬ ▬▬ ▬ ▬▬ ▬ ▬▬▬ ▬ ▬ ▬▬ ▬ ▬▬ ▬ ▬▬▬ ▬ ▬ ▬▬ ▬ ▬▬ ▬ ▬▬▬ ▬ ▬ ▬▬ ▬ ▬▬ ▬ ▬▬▬ ▬ ▬ ▬▬ ▬ ▬▬ ▬ ▬▬▬ ▬ ▬ ▬▬ ▬ ▬▬ ▬ ▬▬▬ ▬ ▬ ▬▬ ▬ ▬▬ ▬ ▬▬▬ ▬ ▬ ▬▬ ▬
AUCTIONS
PRELIMINARY NOTICE.
SUBDIVISIONAL SALE OF SUBURBAN LAND
AT AWAPUNI, PALMERSTON NORTH.
ABOUT 216 ACRES
IN THE ESTATE OF THE LATE R. R. WALDEGRAVE.

Under instructions from the PUBLIC TRUSTEE, the above property will be offered for sale by Public Auction.

THE DISTRICT PUBLIC TRUSTEE, Palmerston North.

WILLIAMS & KETTLE, LTD., will offer for sale on KOPARUKORE, near Hastings, Hawke's Bay, on FRIDAY, MARCH 30, 1928.

40 STUD ABERDEEN ANGUS COWS, been depasturing with Stud bulls.
STATHAM, BRENT AND ANDERSON, Solicitors, Wellington.
RURAL LAND FOR SALE.
MIXED FARM

870 ACRES freehold, Manawatu Line, handy to Wellington.

2000 ACRES, Wairarapa, close to town.

HAVE 200 Acres to sell, handy to railway, splendid dairy land, not a hill anywhere.

HERBERT HEWITT, Dannevirke.

100 ACRES for Dairy Farm, fenced, watered by stream.

OPPORTUNITIES.

100 ACRES, splendidly improved, as Taranaki as any on good tenure.

Box 64, Dannevirke

225 ACRES, 7 miles from Feilding, good for mixed farming.

ALEX. J. GRAY, Feilding.
DONER CATTLE

WE are Buyers of Doner Cow and Bull Beef in any quantity for killing at once.

H. A. ELLIOTT LTD., Palmerston North.
TENDERS—
See Page 3
RURAL LAND FOR SALE.
TARANAKI FARMER WANTS A SEASIDE HOUSE

AS A DEPOSIT on his dairy farm of 134 acres. Owing to illhealth he has to give up dairying and would take a house at the seaside as a deposit.

HACKSHAW, SEARLE,
P.O. BOX 313, WANGANUI.
WAIRARAPA.

770 ACRES, sheep and cattle country; 3 houses, woolshed, etc.

HUTT VALLEY.

14 1/2 ACRES, 5-roomed bungalow, land mostly level and suitable for poultry farming.

PAYNE AND DUNCAN, 142 Lambton Quay, WELLINGTON.

100 ACRES near Palmerston North.

BIRNIE, COOMBS AND WILSON.
BUSINESSES FOR SALE

SOUND PROPOSITION.—One of the best Bakery Businesses in the Hawke's Bay district.

RURAL LAND FOR SALE
A GOOD SHEEP PROPERTY, CAPABLE OF GREAT IMPROVEMENT, FOR SALE AS A GOING CONCERN.

1930 ACRES, Freehold, all good healthy hilly country, easily accessible by good road.

ANOTHER GOOD SHEEP PROPERTY SITUATED IN PAHIATUA DISTRICT—FOR SALE AS A GOING CONCERN

860 ACRES, Freehold, fenced and watered; good buildings.

WAIRARAPA FARMERS' CO-OPERATIVE ASSOCIATION, LTD.,
LAND DEPARTMENT, MASTERTON.
WONDERFUL OPPORTUNITY FOR ENTERPRISING MAN—ABOUT 4000 ACRES SITUATED WAIKATO, PRICE £1 PER ACRE.
▬▬ ▬ ▬▬▬ ▬ ▬ ▬▬ ▬ ▬▬ ▬ ▬▬▬ ▬ ▬ ▬▬ ▬ ▬▬ ▬ ▬▬▬ ▬ ▬ ▬▬ ▬ ▬▬ ▬ ▬▬▬ ▬ ▬ ▬▬ ▬ ▬▬ ▬ ▬▬▬ ▬ ▬ ▬▬ ▬ ▬▬ ▬ ▬▬▬ ▬ ▬ ▬▬ ▬ ▬▬ ▬ ▬▬▬ ▬ ▬ ▬▬ ▬ ▬▬ ▬ ▬▬▬ ▬ ▬ ▬▬ ▬ ▬▬ ▬ ▬▬▬ ▬ ▬ ▬▬ ▬ ▬▬ ▬ ▬▬▬ ▬ ▬ ▬▬ ▬ ▬▬ ▬ ▬▬▬ ▬ ▬ ▬▬ ▬ ▬▬ ▬ ▬▬▬ ▬ ▬ ▬▬ ▬ ▬▬ ▬ ▬▬▬ ▬ ▬ ▬▬ ▬ ▬▬ ▬ ▬▬▬ ▬ ▬ ▬▬ ▬ ▬▬ ▬ ▬▬▬ ▬ ▬ ▬▬ ▬ ▬▬ ▬ ▬▬▬ ▬ ▬ ▬▬ ▬ ▬▬ ▬ ▬▬▬ ▬ ▬ ▬▬ ▬ ▬▬ ▬ ▬▬▬ ▬ ▬ ▬▬ ▬
ABRAHAM AND WILLIAMS, LTD.,
PALMERSTON NORTH.
A CHEAP PROPERTY
240 ACRES — TURAKINA.
TWO-THIRDS PLOUGHABLE. 2-EWE COUNTRY. 5-ROOMED HOUSE AND USUAL OUTBUILDINGS. 12 MILES FROM WANGANUI.
PRICE £21 PER ACRE. CASH REQUIRED ONLY £350.
BARRAUD & ABRAHAM, LIMITED,
MARTON AND TE KUITI.
AS A GOING CONCERN.
ONLY £6 PER ACRE.

170 ACRES, all grassed, except 20 acres native bush.

HARCOURT AND CO.,
LAND AGENTS AND AUCTIONEERS, WELLINGTON.
MAGNIFICENT SHEEP FARM—AS GOING CONCERN.

940 ACRES, unencumbered, carrying 2300 sheep.

KENNETH McDONALD, SOLE AGENT, PALMERSTON NORTH.
SOLID VALUE OFFERING HERE.

1470 ACRES, Freehold, of undulating and rolling country.

F. R. H. BRICE AND CO. LTD.
REAL ESTATE AND INSURANCE AGENTS, MARTON.
A PROPERTY WORTH CONSIDERING AT THE PRICE—£11 PER ACRE.

1450 ACRES, Pongaroa Valley, in good order and condition.

VICTOR E. SMITH,
REAL ESTATE AGENT, FEILDING.
BUY WHILE STOCK IS CHEAP.

600 ACRES, handy to Dannevirke, in a very attractive district.

HERBERT HEWITT,
DANNEVIRKE.
THE CHEAPEST FARM IN THE DOMINION.

500 ACRES, 15 miles from town and railway station.

GOOD DAIRY FARM—FEILDING DISTRICT.

100 ACRES, all flat; 88 acres ploughable.

N.Z. FARMERS' CO. DISTRIBUTING CO., LTD., FEILDING.
A NEW PLYMOUTH PROPOSITION.

100 FEET, by a depth of 165 feet, in Hautour Road.

E. JACKSON,
SOLE AGENT. BOX 30. NEW PLYMOUTH.
MORTGAGEES' SALE

500 ACRES, 5 miles prosperous town, Southern Waikato.

LEVIN BARGAIN.—4 ACRES, 4-roomed house, with large outbuildings.

HERBERT A. PHILLIPS, Land Agent, LEVIN.
Printed and Published by Presbyterian Publishing Company, The Dominion, Wellington, Saturday, February 25, 1928.
